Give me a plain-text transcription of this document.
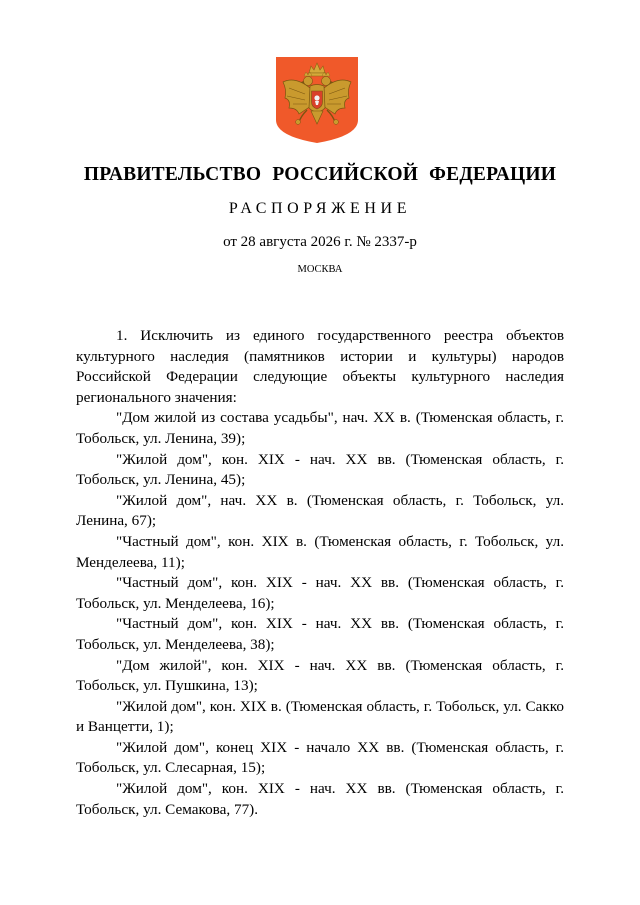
ПРАВИТЕЛЬСТВО РОССИЙСКОЙ ФЕДЕРАЦИИ
РАСПОРЯЖЕНИЕ
от 28 августа 2026 г. № 2337-р
МОСКВА

1. Исключить из единого государственного реестра объектов культурного наследия (памятников истории и культуры) народов Российской Федерации следующие объекты культурного наследия регионального значения:

"Дом жилой из состава усадьбы", нач. XX в. (Тюменская область, г. Тобольск, ул. Ленина, 39);

"Жилой дом", кон. XIX - нач. XX вв. (Тюменская область, г. Тобольск, ул. Ленина, 45);

"Жилой дом", нач. XX в. (Тюменская область, г. Тобольск, ул. Ленина, 67);

"Частный дом", кон. XIX в. (Тюменская область, г. Тобольск, ул. Менделеева, 11);

"Частный дом", кон. XIX - нач. XX вв. (Тюменская область, г. Тобольск, ул. Менделеева, 16);

"Частный дом", кон. XIX - нач. XX вв. (Тюменская область, г. Тобольск, ул. Менделеева, 38);

"Дом жилой", кон. XIX - нач. XX вв. (Тюменская область, г. Тобольск, ул. Пушкина, 13);

"Жилой дом", кон. XIX в. (Тюменская область, г. Тобольск, ул. Сакко и Ванцетти, 1);

"Жилой дом", конец XIX - начало XX вв. (Тюменская область, г. Тобольск, ул. Слесарная, 15);

"Жилой дом", кон. XIX - нач. XX вв. (Тюменская область, г. Тобольск, ул. Семакова, 77).
